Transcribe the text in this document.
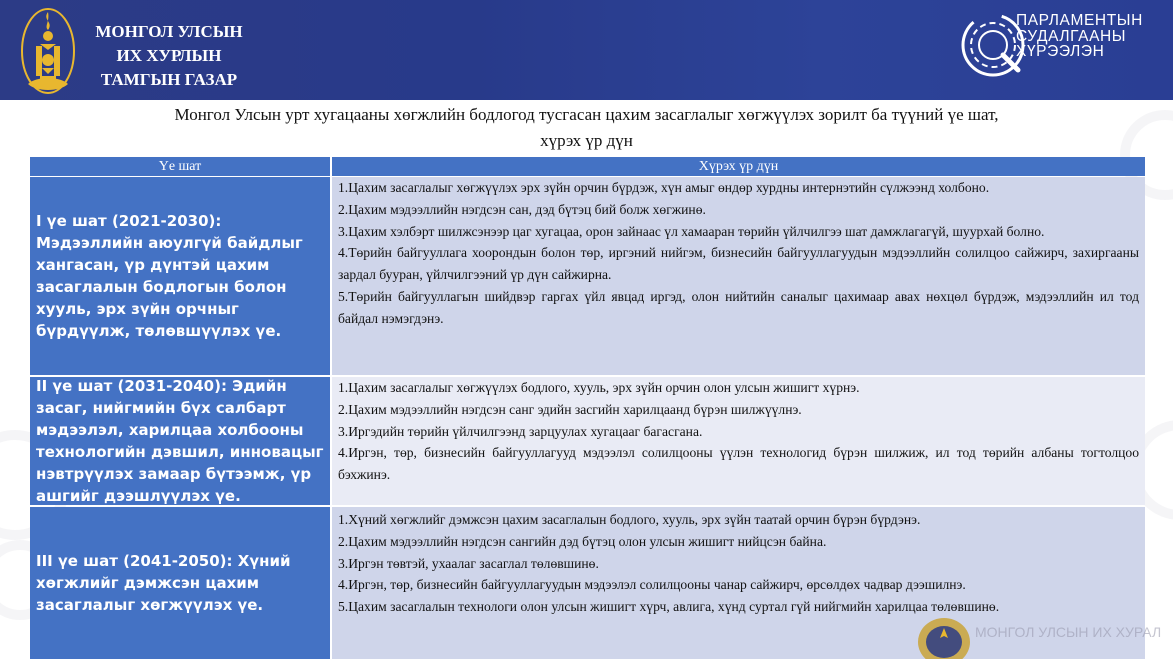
МОНГОЛ УЛСЫН
ИХ ХУРЛЫН
ТАМГЫН ГАЗАР
ПАРЛАМЕНТЫН
СУДАЛГААНЫ
ХҮРЭЭЛЭН
Монгол Улсын урт хугацааны хөгжлийн бодлогод тусгасан цахим засаглалыг хөгжүүлэх зорилт ба түүний үе шат,
хүрэх үр дүн
Үе шат	Хүрэх үр дүн
I үе шат (2021-2030): Мэдээллийн аюулгүй байдлыг хангасан, үр дүнтэй цахим засаглалын бодлогын болон хууль, эрх зүйн орчныг бүрдүүлж, төлөвшүүлэх үе.

1.Цахим засаглалыг хөгжүүлэх эрх зүйн орчин бүрдэж, хүн амыг өндөр хурдны интернэтийн сүлжээнд холбоно.

2.Цахим мэдээллийн нэгдсэн сан, дэд бүтэц бий болж хөгжинө.

3.Цахим хэлбэрт шилжсэнээр цаг хугацаа, орон зайнаас үл хамааран төрийн үйлчилгээ шат дамжлагагүй, шуурхай болно.

4.Төрийн байгууллага хоорондын болон төр, иргэний нийгэм, бизнесийн байгууллагуудын мэдээллийн солилцоо сайжирч, захиргааны зардал бууран, үйлчилгээний үр дүн сайжирна.

5.Төрийн байгууллагын шийдвэр гаргах үйл явцад иргэд, олон нийтийн саналыг цахимаар авах нөхцөл бүрдэж, мэдээллийн ил тод байдал нэмэгдэнэ.

II үе шат (2031-2040): Эдийн засаг, нийгмийн бүх салбарт мэдээлэл, харилцаа холбооны технологийн дэвшил, инновацыг нэвтрүүлэх замаар бүтээмж, үр ашгийг дээшлүүлэх үе.

1.Цахим засаглалыг хөгжүүлэх бодлого, хууль, эрх зүйн орчин олон улсын жишигт хүрнэ.

2.Цахим мэдээллийн нэгдсэн санг эдийн засгийн харилцаанд бүрэн шилжүүлнэ.

3.Иргэдийн төрийн үйлчилгээнд зарцуулах хугацааг багасгана.

4.Иргэн, төр, бизнесийн байгууллагууд мэдээлэл солилцооны үүлэн технологид бүрэн шилжиж, ил тод төрийн албаны тогтолцоо бэхжинэ.

III үе шат (2041-2050): Хүний хөгжлийг дэмжсэн цахим засаглалыг хөгжүүлэх үе.

1.Хүний хөгжлийг дэмжсэн цахим засаглалын бодлого, хууль, эрх зүйн таатай орчин бүрэн бүрдэнэ.

2.Цахим мэдээллийн нэгдсэн сангийн дэд бүтэц олон улсын жишигт нийцсэн байна.

3.Иргэн төвтэй, ухаалаг засаглал төлөвшинө.

4.Иргэн, төр, бизнесийн байгууллагуудын мэдээлэл солилцооны чанар сайжирч, өрсөлдөх чадвар дээшилнэ.

5.Цахим засаглалын технологи олон улсын жишигт хүрч, авлига, хүнд суртал гүй нийгмийн харилцаа төлөвшинө.

МОНГОЛ УЛСЫН ИХ ХУРАЛ
